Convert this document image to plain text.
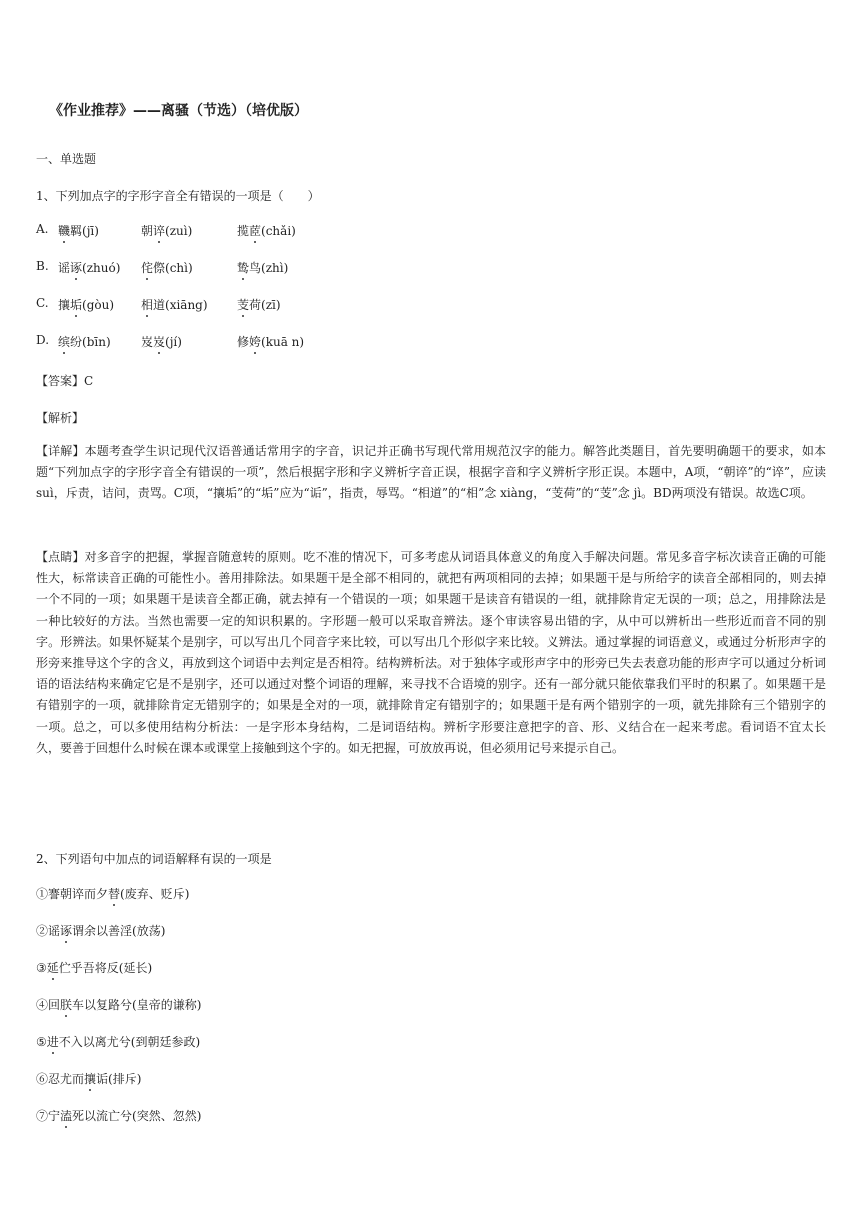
《作业推荐》——离骚（节选）（培优版）

一、单选题

1、下列加点字的字形字音全有错误的一项是（　　）

A. 鞿羁(jī)	朝谇(zuì)	揽茝(chǎi)
B. 谣诼(zhuó) 侘傺(chì)	鸷鸟(zhì)
C. 攘垢(gòu) 相道(xiāng) 芰荷(zī)
D. 缤纷(bīn)	岌岌(jí)	修姱(kuā n)

【答案】C

【解析】

【详解】本题考查学生识记现代汉语普通话常用字的字音，识记并正确书写现代常用规范汉字的能力。解答此类题目，首先要明确题干的要求，如本题“下列加点字的字形字音全有错误的一项”，然后根据字形和字义辨析字音正误，根据字音和字义辨析字形正误。本题中，A项，“朝谇”的“谇”，应读 suì，斥责，诘问，责骂。C项，“攘垢”的“垢”应为“诟”，指责，辱骂。“相道”的“相”念 xiàng，“芰荷”的“芰”念 jì。BD两项没有错误。故选C项。

【点睛】对多音字的把握，掌握音随意转的原则。吃不准的情况下，可多考虑从词语具体意义的角度入手解决问题。常见多音字标次读音正确的可能性大，标常读音正确的可能性小。善用排除法。如果题干是全部不相同的，就把有两项相同的去掉；如果题干是与所给字的读音全部相同的，则去掉一个不同的一项；如果题干是读音全都正确，就去掉有一个错误的一项；如果题干是读音有错误的一组，就排除肯定无误的一项；总之，用排除法是一种比较好的方法。当然也需要一定的知识积累的。字形题一般可以采取音辨法。逐个审读容易出错的字，从中可以辨析出一些形近而音不同的别字。形辨法。如果怀疑某个是别字，可以写出几个同音字来比较，可以写出几个形似字来比较。义辨法。通过掌握的词语意义，或通过分析形声字的形旁来推导这个字的含义，再放到这个词语中去判定是否相符。结构辨析法。对于独体字或形声字中的形旁已失去表意功能的形声字可以通过分析词语的语法结构来确定它是不是别字，还可以通过对整个词语的理解，来寻找不合语境的别字。还有一部分就只能依靠我们平时的积累了。如果题干是有错别字的一项，就排除肯定无错别字的；如果是全对的一项，就排除肯定有错别字的；如果题干是有两个错别字的一项，就先排除有三个错别字的一项。总之，可以多使用结构分析法：一是字形本身结构，二是词语结构。辨析字形要注意把字的音、形、义结合在一起来考虑。看词语不宜太长久，要善于回想什么时候在课本或课堂上接触到这个字的。如无把握，可放放再说，但必须用记号来提示自己。

2、下列语句中加点的词语解释有误的一项是

①謇朝谇而夕替(废弃、贬斥)

②谣诼谓余以善淫(放荡)

③延伫乎吾将反(延长)

④回朕车以复路兮(皇帝的谦称)

⑤进不入以离尤兮(到朝廷参政)

⑥忍尤而攘诟(排斥)

⑦宁溘死以流亡兮(突然、忽然)
